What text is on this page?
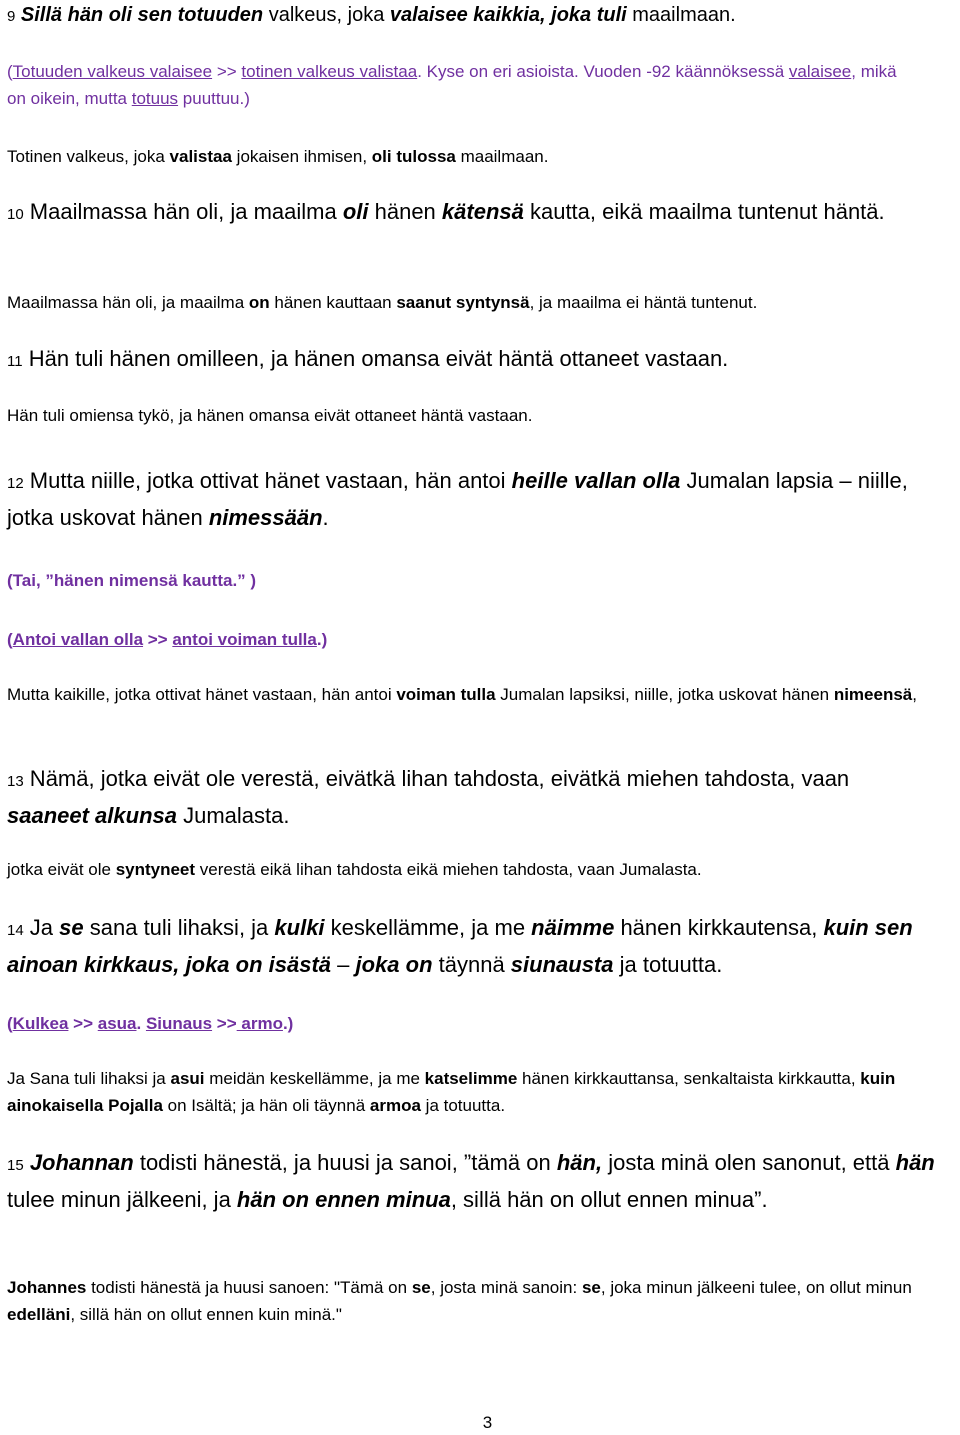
9 Sillä hän oli sen totuuden valkeus, joka valaisee kaikkia, joka tuli maailmaan.
(Totuuden valkeus valaisee >> totinen valkeus valistaa. Kyse on eri asioista. Vuoden -92 käännöksessä valaisee, mikä on oikein, mutta totuus puuttuu.)
Totinen valkeus, joka valistaa jokaisen ihmisen, oli tulossa maailmaan.
10 Maailmassa hän oli, ja maailma oli hänen kätensä kautta, eikä maailma tuntenut häntä.
Maailmassa hän oli, ja maailma on hänen kauttaan saanut syntynsä, ja maailma ei häntä tuntenut.
11 Hän tuli hänen omilleen, ja hänen omansa eivät häntä ottaneet vastaan.
Hän tuli omiensa tykö, ja hänen omansa eivät ottaneet häntä vastaan.
12 Mutta niille, jotka ottivat hänet vastaan, hän antoi heille vallan olla Jumalan lapsia – niille, jotka uskovat hänen nimessään.
(Tai, ”hänen nimensä kautta.” )
(Antoi vallan olla >> antoi voiman tulla.)
Mutta kaikille, jotka ottivat hänet vastaan, hän antoi voiman tulla Jumalan lapsiksi, niille, jotka uskovat hänen nimeensä,
13 Nämä, jotka eivät ole verestä, eivätkä lihan tahdosta, eivätkä miehen tahdosta, vaan saaneet alkunsa Jumalasta.
jotka eivät ole syntyneet verestä eikä lihan tahdosta eikä miehen tahdosta, vaan Jumalasta.
14 Ja se sana tuli lihaksi, ja kulki keskellämme, ja me näimme hänen kirkkautensa, kuin sen ainoan kirkkaus, joka on isästä – joka on täynnä siunausta ja totuutta.
(Kulkea >> asua. Siunaus >> armo.)
Ja Sana tuli lihaksi ja asui meidän keskellämme, ja me katselimme hänen kirkkauttansa, senkaltaista kirkkautta, kuin ainokaisella Pojalla on Isältä; ja hän oli täynnä armoa ja totuutta.
15 Johannan todisti hänestä, ja huusi ja sanoi, ”tämä on hän, josta minä olen sanonut, että hän tulee minun jälkeeni, ja hän on ennen minua, sillä hän on ollut ennen minua”.
Johannes todisti hänestä ja huusi sanoen: "Tämä on se, josta minä sanoin: se, joka minun jälkeeni tulee, on ollut minun edelläni, sillä hän on ollut ennen kuin minä."
3
